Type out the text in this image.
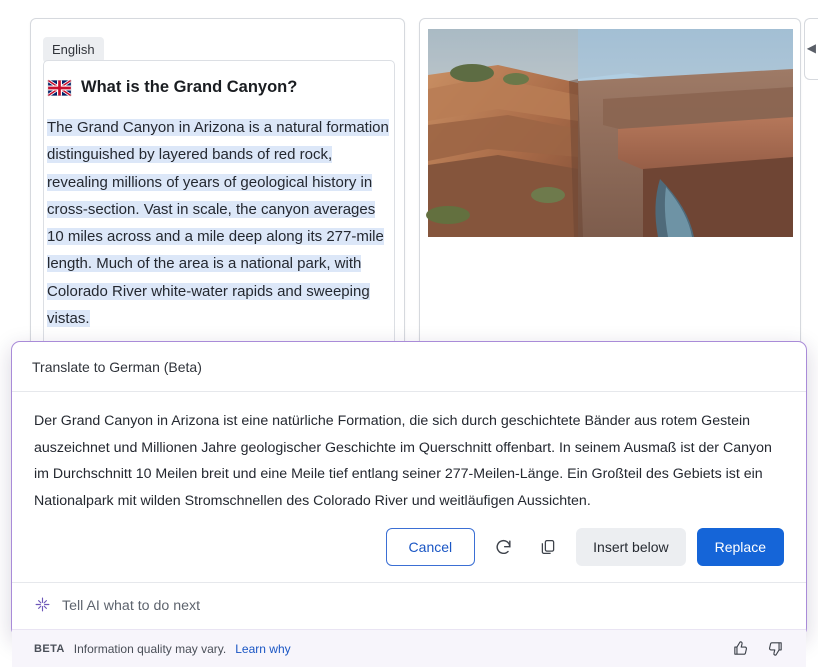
English
What is the Grand Canyon?
The Grand Canyon in Arizona is a natural formation distinguished by layered bands of red rock, revealing millions of years of geological history in cross-section. Vast in scale, the canyon averages 10 miles across and a mile deep along its 277-mile length. Much of the area is a national park, with Colorado River white-water rapids and sweeping vistas.
◀
Translate to German (Beta)
Der Grand Canyon in Arizona ist eine natürliche Formation, die sich durch geschichtete Bänder aus rotem Gestein auszeichnet und Millionen Jahre geologischer Geschichte im Querschnitt offenbart. In seinem Ausmaß ist der Canyon im Durchschnitt 10 Meilen breit und eine Meile tief entlang seiner 277-Meilen-Länge. Ein Großteil des Gebiets ist ein Nationalpark mit wilden Stromschnellen des Colorado River und weitläufigen Aussichten.
Cancel	Insert below	Replace
Tell AI what to do next
BETA Information quality may vary. Learn why
